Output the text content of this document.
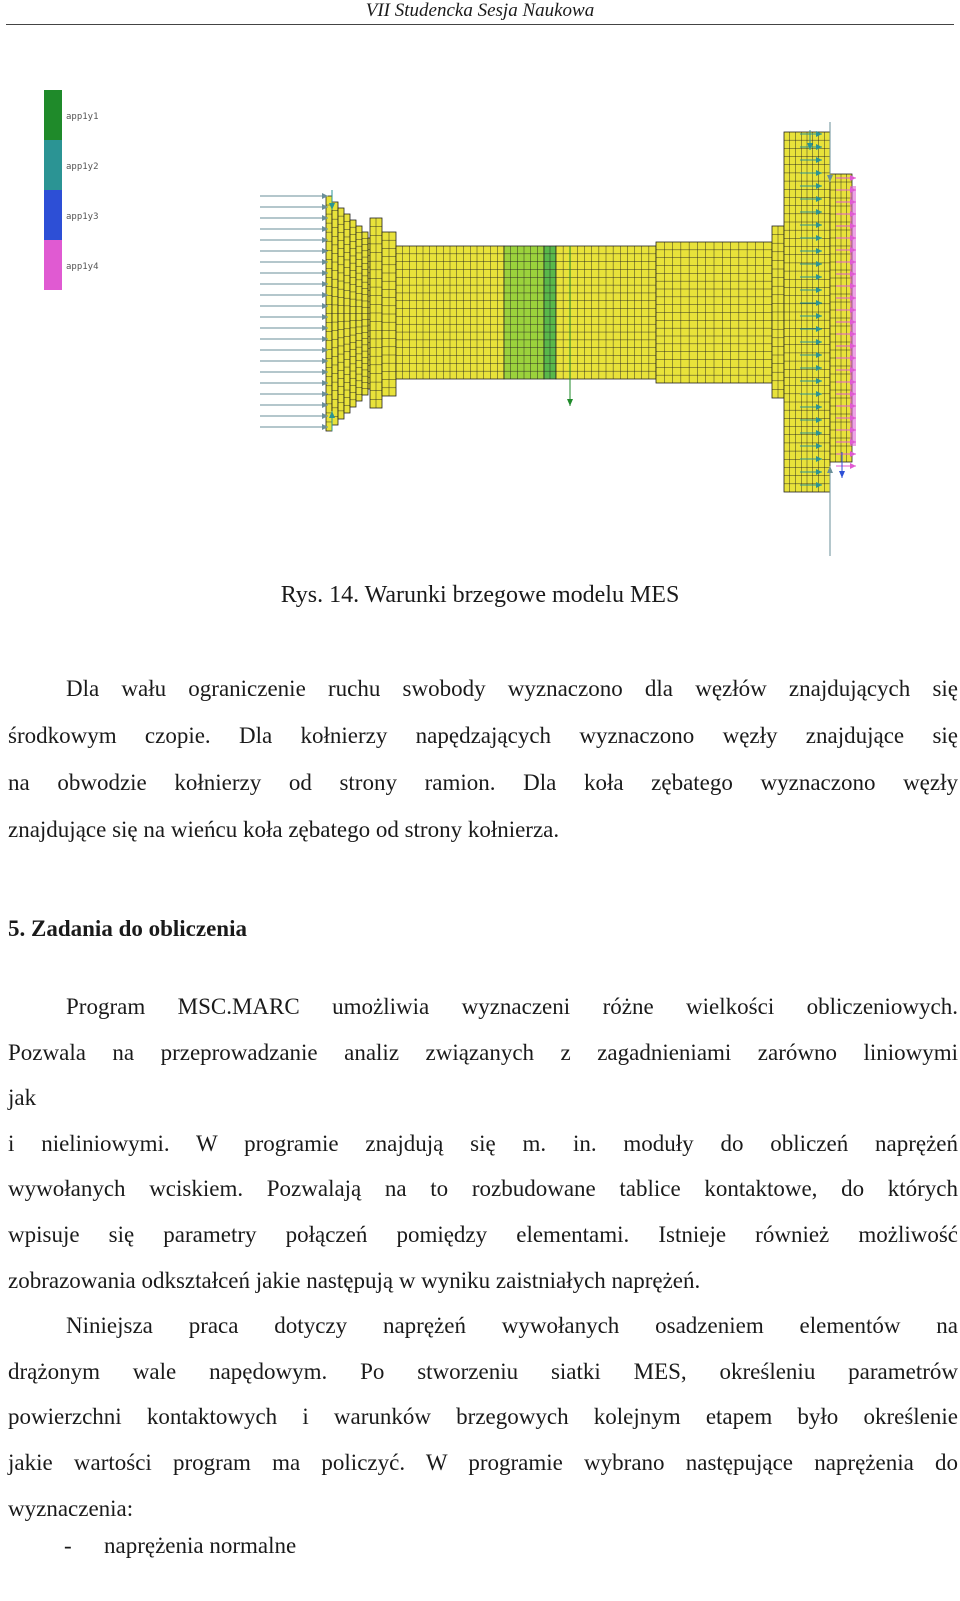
VII Studencka Sesja Naukowa
app1y1
app1y2
app1y3
app1y4
Rys. 14. Warunki brzegowe modelu MES
Dla wału ograniczenie ruchu swobody wyznaczono dla węzłów znajdujących się
środkowym czopie. Dla kołnierzy napędzających wyznaczono węzły znajdujące się
na obwodzie kołnierzy od strony ramion. Dla koła zębatego wyznaczono węzły
znajdujące się na wieńcu koła zębatego od strony kołnierza.
5. Zadania do obliczenia
Program MSC.MARC umożliwia wyznaczeni różne wielkości obliczeniowych.
Pozwala na przeprowadzanie analiz związanych z zagadnieniami zarówno liniowymi
jak
i nieliniowymi. W programie znajdują się m. in. moduły do obliczeń naprężeń
wywołanych wciskiem. Pozwalają na to rozbudowane tablice kontaktowe, do których
wpisuje się parametry połączeń pomiędzy elementami. Istnieje również możliwość
zobrazowania odkształceń jakie następują w wyniku zaistniałych naprężeń.
Niniejsza praca dotyczy naprężeń wywołanych osadzeniem elementów na
drążonym wale napędowym. Po stworzeniu siatki MES, określeniu parametrów
powierzchni kontaktowych i warunków brzegowych kolejnym etapem było określenie
jakie wartości program ma policzyć. W programie wybrano następujące naprężenia do
wyznaczenia:
- naprężenia normalne
